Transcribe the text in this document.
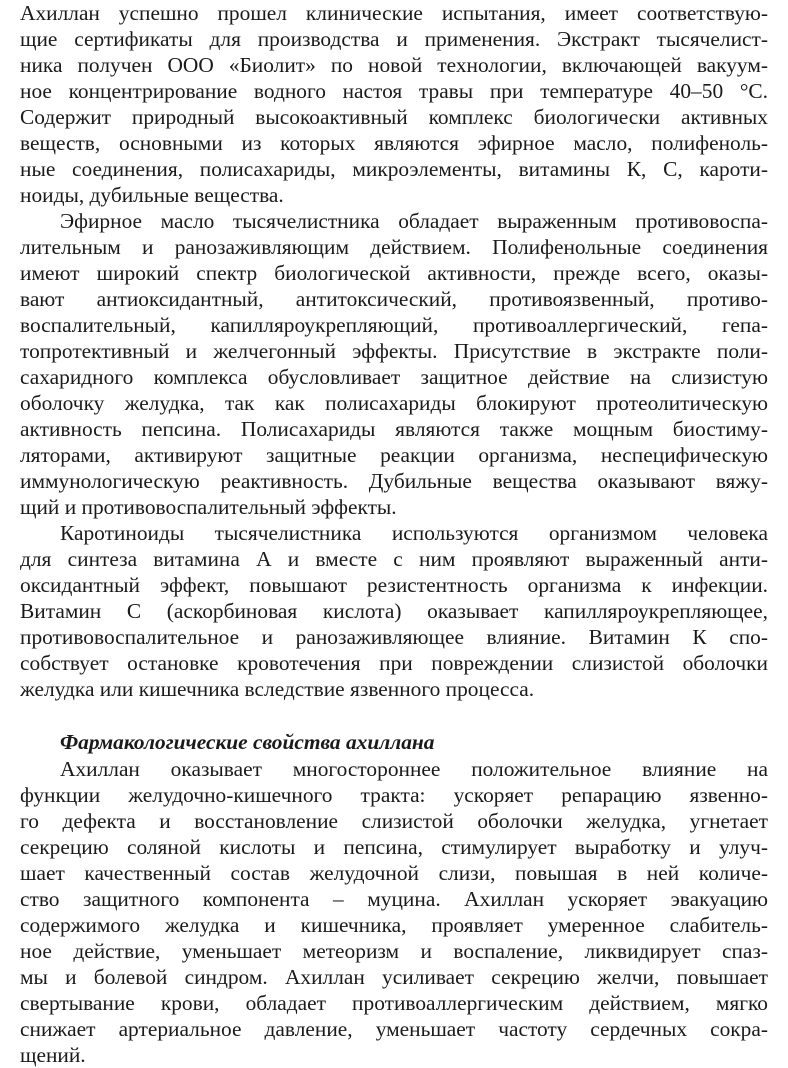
Ахиллан успешно прошел клинические испытания, имеет соответствую-
щие сертификаты для производства и применения. Экстракт тысячелист-
ника получен ООО «Биолит» по новой технологии, включающей вакуум-
ное концентрирование водного настоя травы при температуре 40–50 °С.
Содержит природный высокоактивный комплекс биологически активных
веществ, основными из которых являются эфирное масло, полифеноль-
ные соединения, полисахариды, микроэлементы, витамины К, С, кароти-
ноиды, дубильные вещества.
Эфирное масло тысячелистника обладает выраженным противовоспа-
лительным и ранозаживляющим действием. Полифенольные соединения
имеют широкий спектр биологической активности, прежде всего, оказы-
вают антиоксидантный, антитоксический, противоязвенный, противо-
воспалительный, капилляроукрепляющий, противоаллергический, гепа-
топротективный и желчегонный эффекты. Присутствие в экстракте поли-
сахаридного комплекса обусловливает защитное действие на слизистую
оболочку желудка, так как полисахариды блокируют протеолитическую
активность пепсина. Полисахариды являются также мощным биостиму-
ляторами, активируют защитные реакции организма, неспецифическую
иммунологическую реактивность. Дубильные вещества оказывают вяжу-
щий и противовоспалительный эффекты.
Каротиноиды тысячелистника используются организмом человека
для синтеза витамина А и вместе с ним проявляют выраженный анти-
оксидантный эффект, повышают резистентность организма к инфекции.
Витамин С (аскорбиновая кислота) оказывает капилляроукрепляющее,
противовоспалительное и ранозаживляющее влияние. Витамин К спо-
собствует остановке кровотечения при повреждении слизистой оболочки
желудка или кишечника вследствие язвенного процесса.
Фармакологические свойства ахиллана
Ахиллан оказывает многостороннее положительное влияние на
функции желудочно-кишечного тракта: ускоряет репарацию язвенно-
го дефекта и восстановление слизистой оболочки желудка, угнетает
секрецию соляной кислоты и пепсина, стимулирует выработку и улуч-
шает качественный состав желудочной слизи, повышая в ней количе-
ство защитного компонента – муцина. Ахиллан ускоряет эвакуацию
содержимого желудка и кишечника, проявляет умеренное слабитель-
ное действие, уменьшает метеоризм и воспаление, ликвидирует спаз-
мы и болевой синдром. Ахиллан усиливает секрецию желчи, повышает
свертывание крови, обладает противоаллергическим действием, мягко
снижает артериальное давление, уменьшает частоту сердечных сокра-
щений.
